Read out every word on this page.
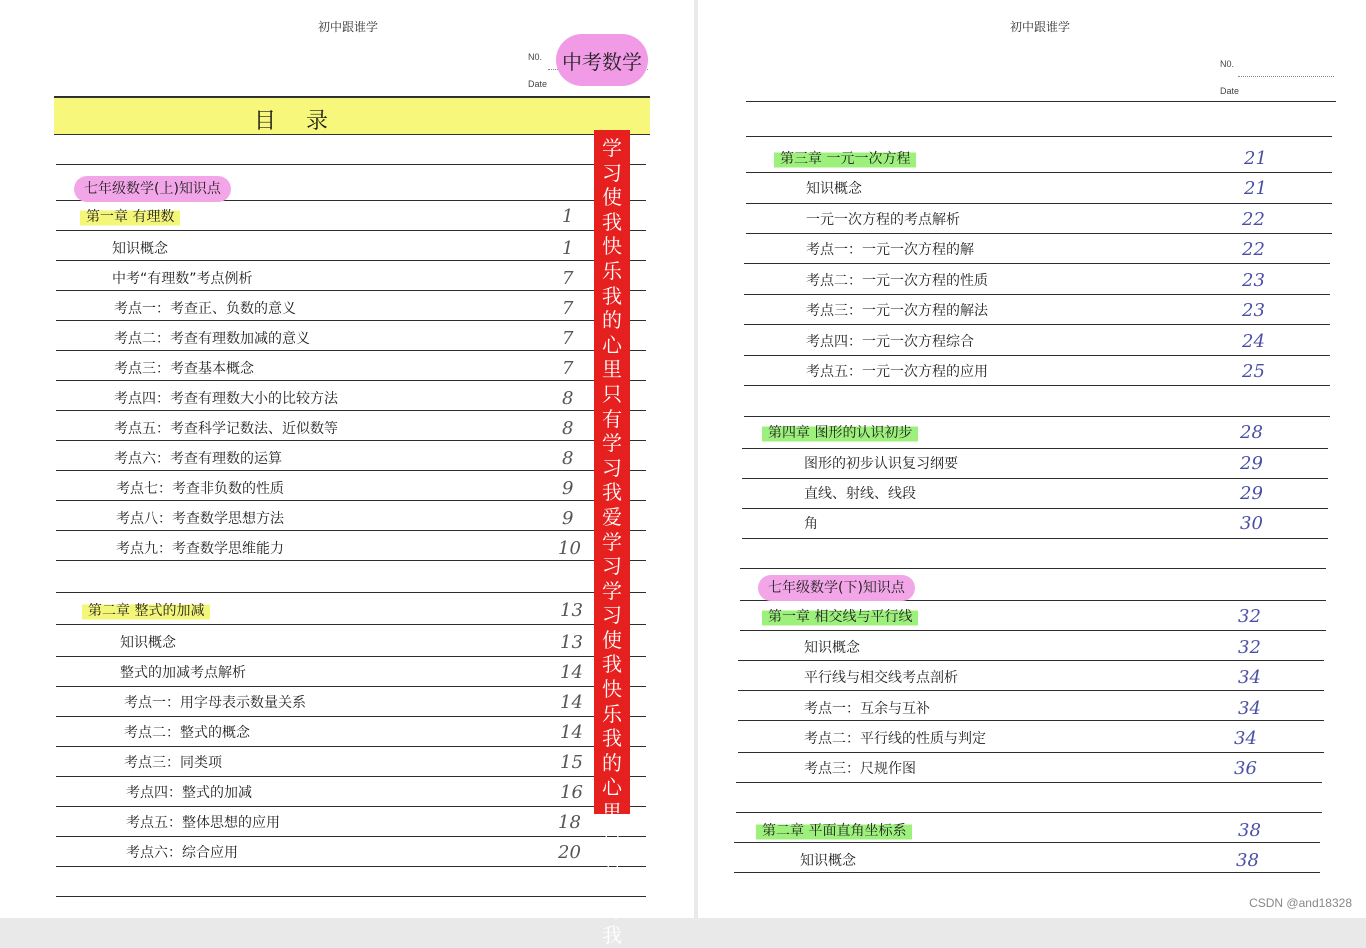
初中跟谁学
N0.
Date
中考数学
目录
七年级数学(上)知识点
第一章 有理数	1
知识概念	1
中考“有理数”考点例析	7
考点一：考查正、负数的意义	7
考点二：考查有理数加减的意义	7
考点三：考查基本概念	7
考点四：考查有理数大小的比较方法	8
考点五：考查科学记数法、近似数等	8
考点六：考查有理数的运算	8
考点七：考查非负数的性质	9
考点八：考查数学思想方法	9
考点九：考查数学思维能力	10
第二章 整式的加减	13
知识概念	13
整式的加减考点解析	14
考点一：用字母表示数量关系	14
考点二：整式的概念	14
考点三：同类项	15
考点四：整式的加减	16
考点五：整体思想的应用	18
考点六：综合应用	20
学习使我快乐我的心里只有学习我爱学习学习使我快乐我的心里只有学习我
初中跟谁学
N0.
Date
第三章 一元一次方程	21
知识概念	21
一元一次方程的考点解析	22
考点一：一元一次方程的解	22
考点二：一元一次方程的性质	23
考点三：一元一次方程的解法	23
考点四：一元一次方程综合	24
考点五：一元一次方程的应用	25
第四章 图形的认识初步	28
图形的初步认识复习纲要	29
直线、射线、线段	29
角	30
七年级数学(下)知识点
第一章 相交线与平行线	32
知识概念	32
平行线与相交线考点剖析	34
考点一：互余与互补	34
考点二：平行线的性质与判定	34
考点三：尺规作图	36
第二章 平面直角坐标系	38
知识概念	38
CSDN @and18328
